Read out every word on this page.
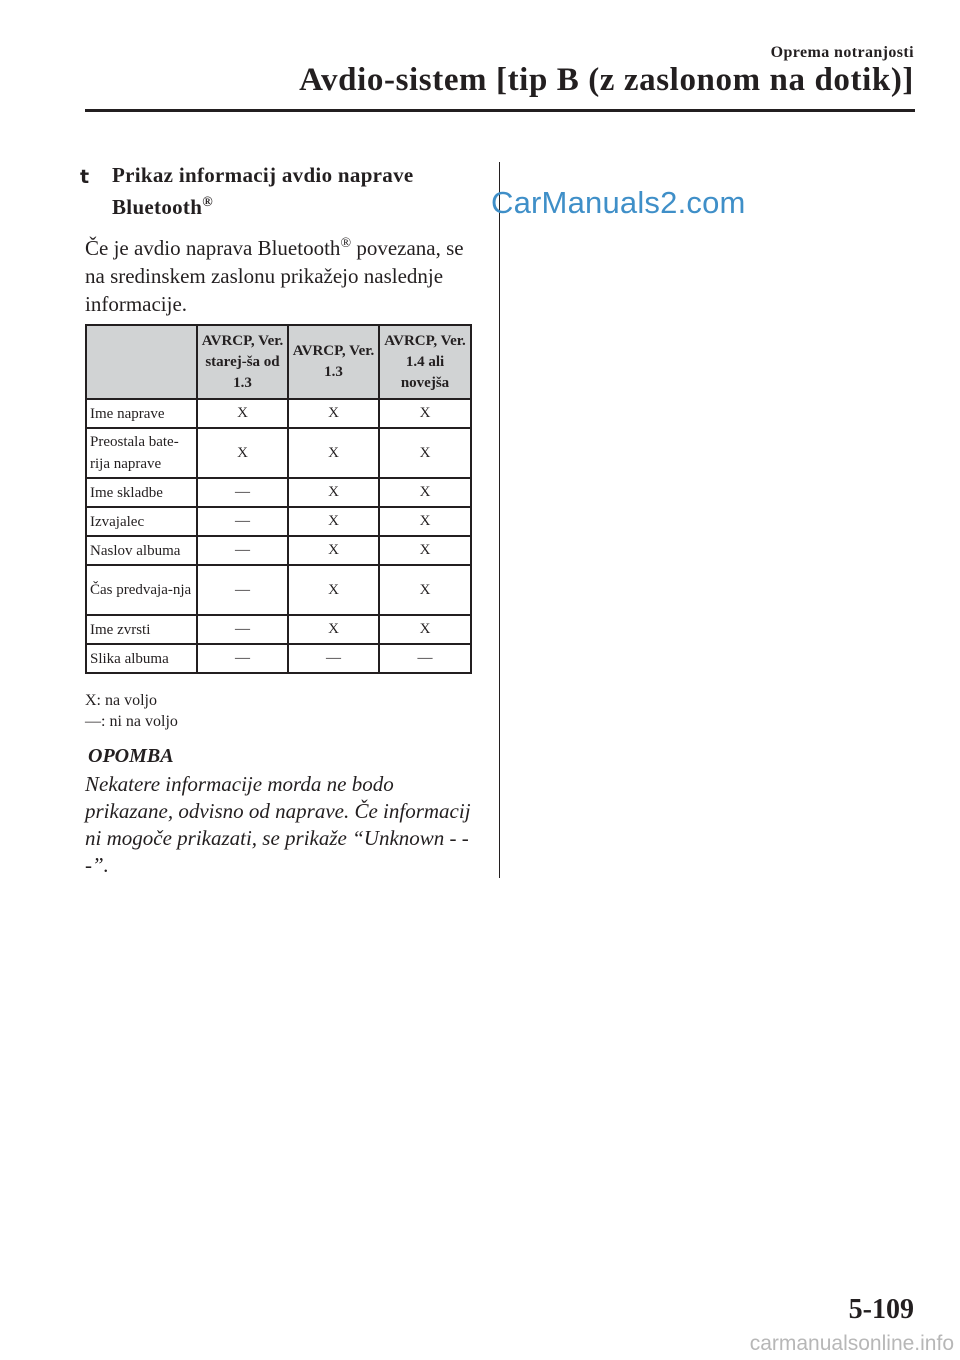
Oprema notranjosti
Avdio-sistem [tip B (z zaslonom na dotik)]
CarManuals2.com
t Prikaz informacij avdio naprave
Bluetooth®
Če je avdio naprava Bluetooth® povezana, se na sredinskem zaslonu prikažejo naslednje informacije.
	AVRCP, Ver. starej-ša od 1.3	AVRCP, Ver. 1.3	AVRCP, Ver. 1.4 ali novejša
Ime naprave	X	X	X
Preostala bate-rija naprave	X	X	X
Ime skladbe	—	X	X
Izvajalec	—	X	X
Naslov albuma	—	X	X
Čas predvaja-nja	—	X	X
Ime zvrsti	—	X	X
Slika albuma	—	—	—
X: na voljo
—: ni na voljo
OPOMBA
Nekatere informacije morda ne bodo prikazane, odvisno od naprave. Če informacij ni mogoče prikazati, se prikaže “Unknown - - -”.
5-109
carmanualsonline.info
